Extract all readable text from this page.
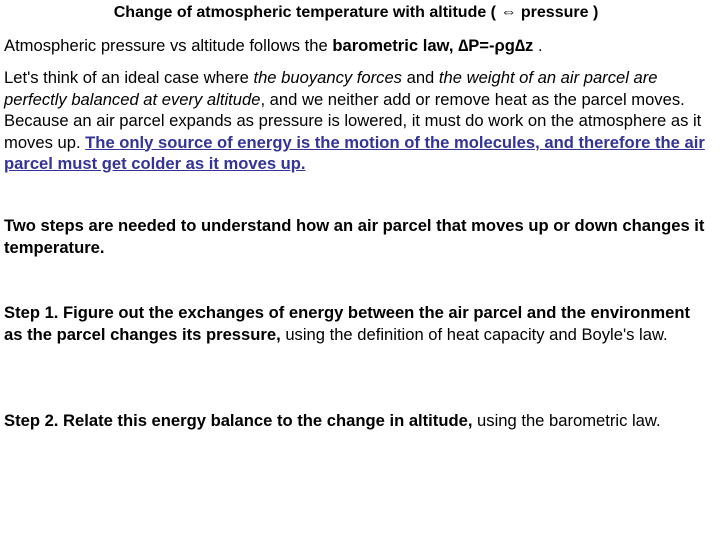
Change of atmospheric temperature with altitude ( ⇔ pressure )

Atmospheric pressure vs altitude follows the barometric law, ∆P=-ρg∆z .

Let's think of an ideal case where the buoyancy forces and the weight of an air parcel are perfectly balanced at every altitude, and we neither add or remove heat as the parcel moves. Because an air parcel expands as pressure is lowered, it must do work on the atmosphere as it moves up. The only source of energy is the motion of the molecules, and therefore the air parcel must get colder as it moves up.

Two steps are needed to understand how an air parcel that moves up or down changes it temperature.

Step 1. Figure out the exchanges of energy between the air parcel and the environment as the parcel changes its pressure, using the definition of heat capacity and Boyle's law.

Step 2. Relate this energy balance to the change in altitude, using the barometric law.
